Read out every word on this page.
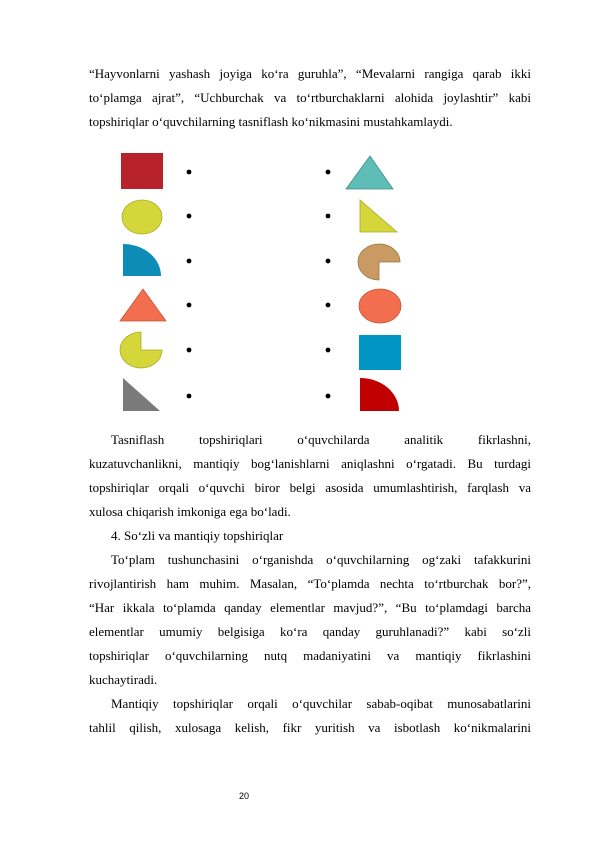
“Hayvonlarni yashash joyiga ko‘ra guruhla”, “Mevalarni rangiga qarab ikki
to‘plamga ajrat”, “Uchburchak va to‘rtburchaklarni alohida joylashtir” kabi
topshiriqlar o‘quvchilarning tasniflash ko‘nikmasini mustahkamlaydi.
Tasniflash topshiriqlari o‘quvchilarda analitik fikrlashni,
kuzatuvchanlikni, mantiqiy bog‘lanishlarni aniqlashni o‘rgatadi. Bu turdagi
topshiriqlar orqali o‘quvchi biror belgi asosida umumlashtirish, farqlash va
xulosa chiqarish imkoniga ega bo‘ladi.
4. So‘zli va mantiqiy topshiriqlar
To‘plam tushunchasini o‘rganishda o‘quvchilarning og‘zaki tafakkurini
rivojlantirish ham muhim. Masalan, “To‘plamda nechta to‘rtburchak bor?”,
“Har ikkala to‘plamda qanday elementlar mavjud?”, “Bu to‘plamdagi barcha
elementlar umumiy belgisiga ko‘ra qanday guruhlanadi?” kabi so‘zli
topshiriqlar o‘quvchilarning nutq madaniyatini va mantiqiy fikrlashini
kuchaytiradi.
Mantiqiy topshiriqlar orqali o‘quvchilar sabab-oqibat munosabatlarini
tahlil qilish, xulosaga kelish, fikr yuritish va isbotlash ko‘nikmalarini
20
